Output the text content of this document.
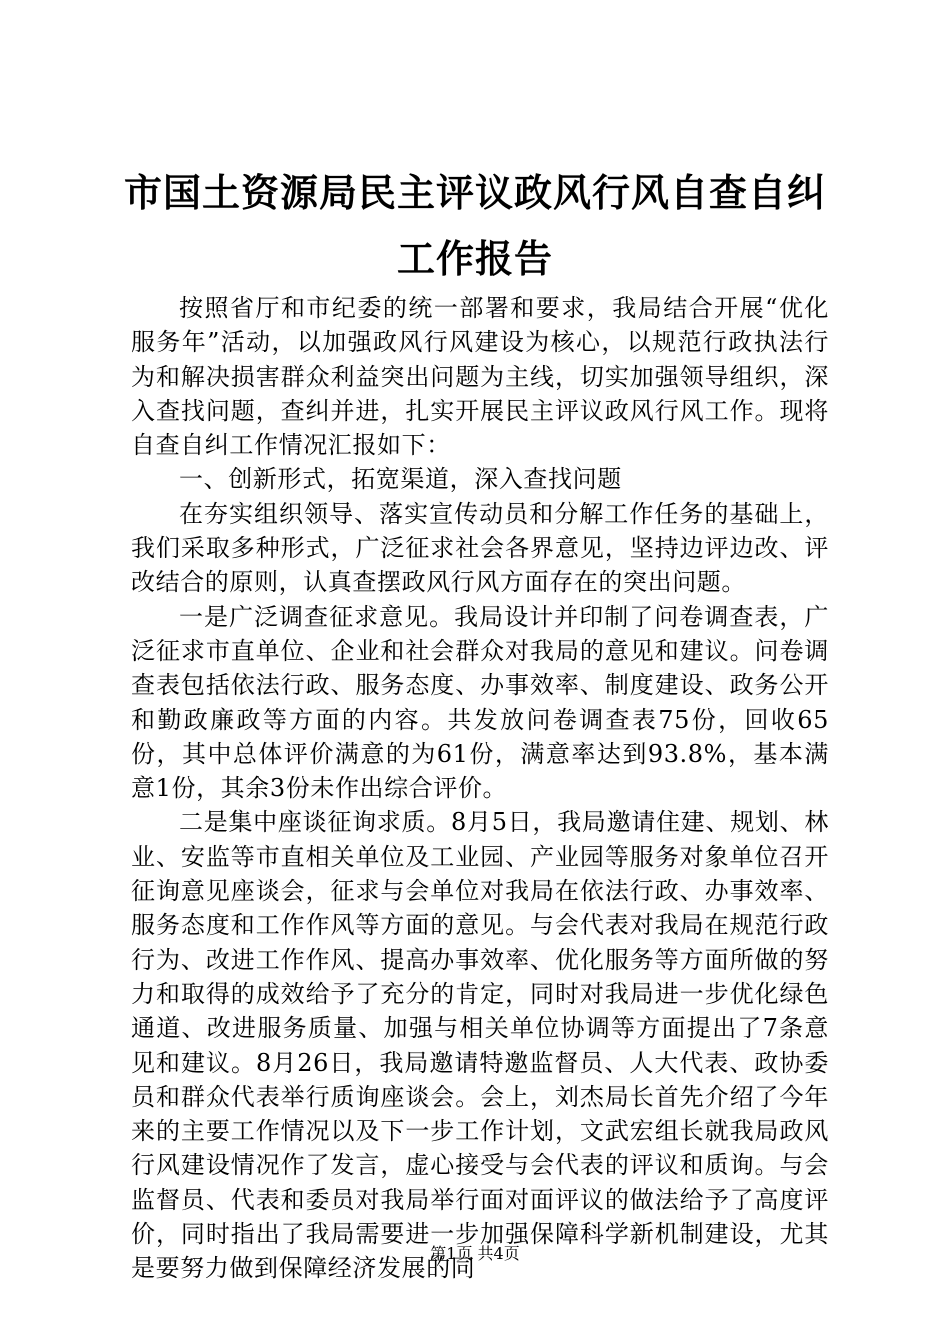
市国土资源局民主评议政风行风自查自纠工作报告

按照省厅和市纪委的统一部署和要求，我局结合开展“优化服务年”活动，以加强政风行风建设为核心，以规范行政执法行为和解决损害群众利益突出问题为主线，切实加强领导组织，深入查找问题，查纠并进，扎实开展民主评议政风行风工作。现将自查自纠工作情况汇报如下：

一、创新形式，拓宽渠道，深入查找问题

在夯实组织领导、落实宣传动员和分解工作任务的基础上，我们采取多种形式，广泛征求社会各界意见，坚持边评边改、评改结合的原则，认真查摆政风行风方面存在的突出问题。

一是广泛调查征求意见。我局设计并印制了问卷调查表，广泛征求市直单位、企业和社会群众对我局的意见和建议。问卷调查表包括依法行政、服务态度、办事效率、制度建设、政务公开和勤政廉政等方面的内容。共发放问卷调查表75份，回收65份，其中总体评价满意的为61份，满意率达到93.8%，基本满意1份，其余3份未作出综合评价。

二是集中座谈征询求质。8月5日，我局邀请住建、规划、林业、安监等市直相关单位及工业园、产业园等服务对象单位召开征询意见座谈会，征求与会单位对我局在依法行政、办事效率、服务态度和工作作风等方面的意见。与会代表对我局在规范行政行为、改进工作作风、提高办事效率、优化服务等方面所做的努力和取得的成效给予了充分的肯定，同时对我局进一步优化绿色通道、改进服务质量、加强与相关单位协调等方面提出了7条意见和建议。8月26日，我局邀请特邀监督员、人大代表、政协委员和群众代表举行质询座谈会。会上，刘杰局长首先介绍了今年来的主要工作情况以及下一步工作计划，文武宏组长就我局政风行风建设情况作了发言，虚心接受与会代表的评议和质询。与会监督员、代表和委员对我局举行面对面评议的做法给予了高度评价，同时指出了我局需要进一步加强保障科学新机制建设，尤其是要努力做到保障经济发展的同

第1页 共4页
